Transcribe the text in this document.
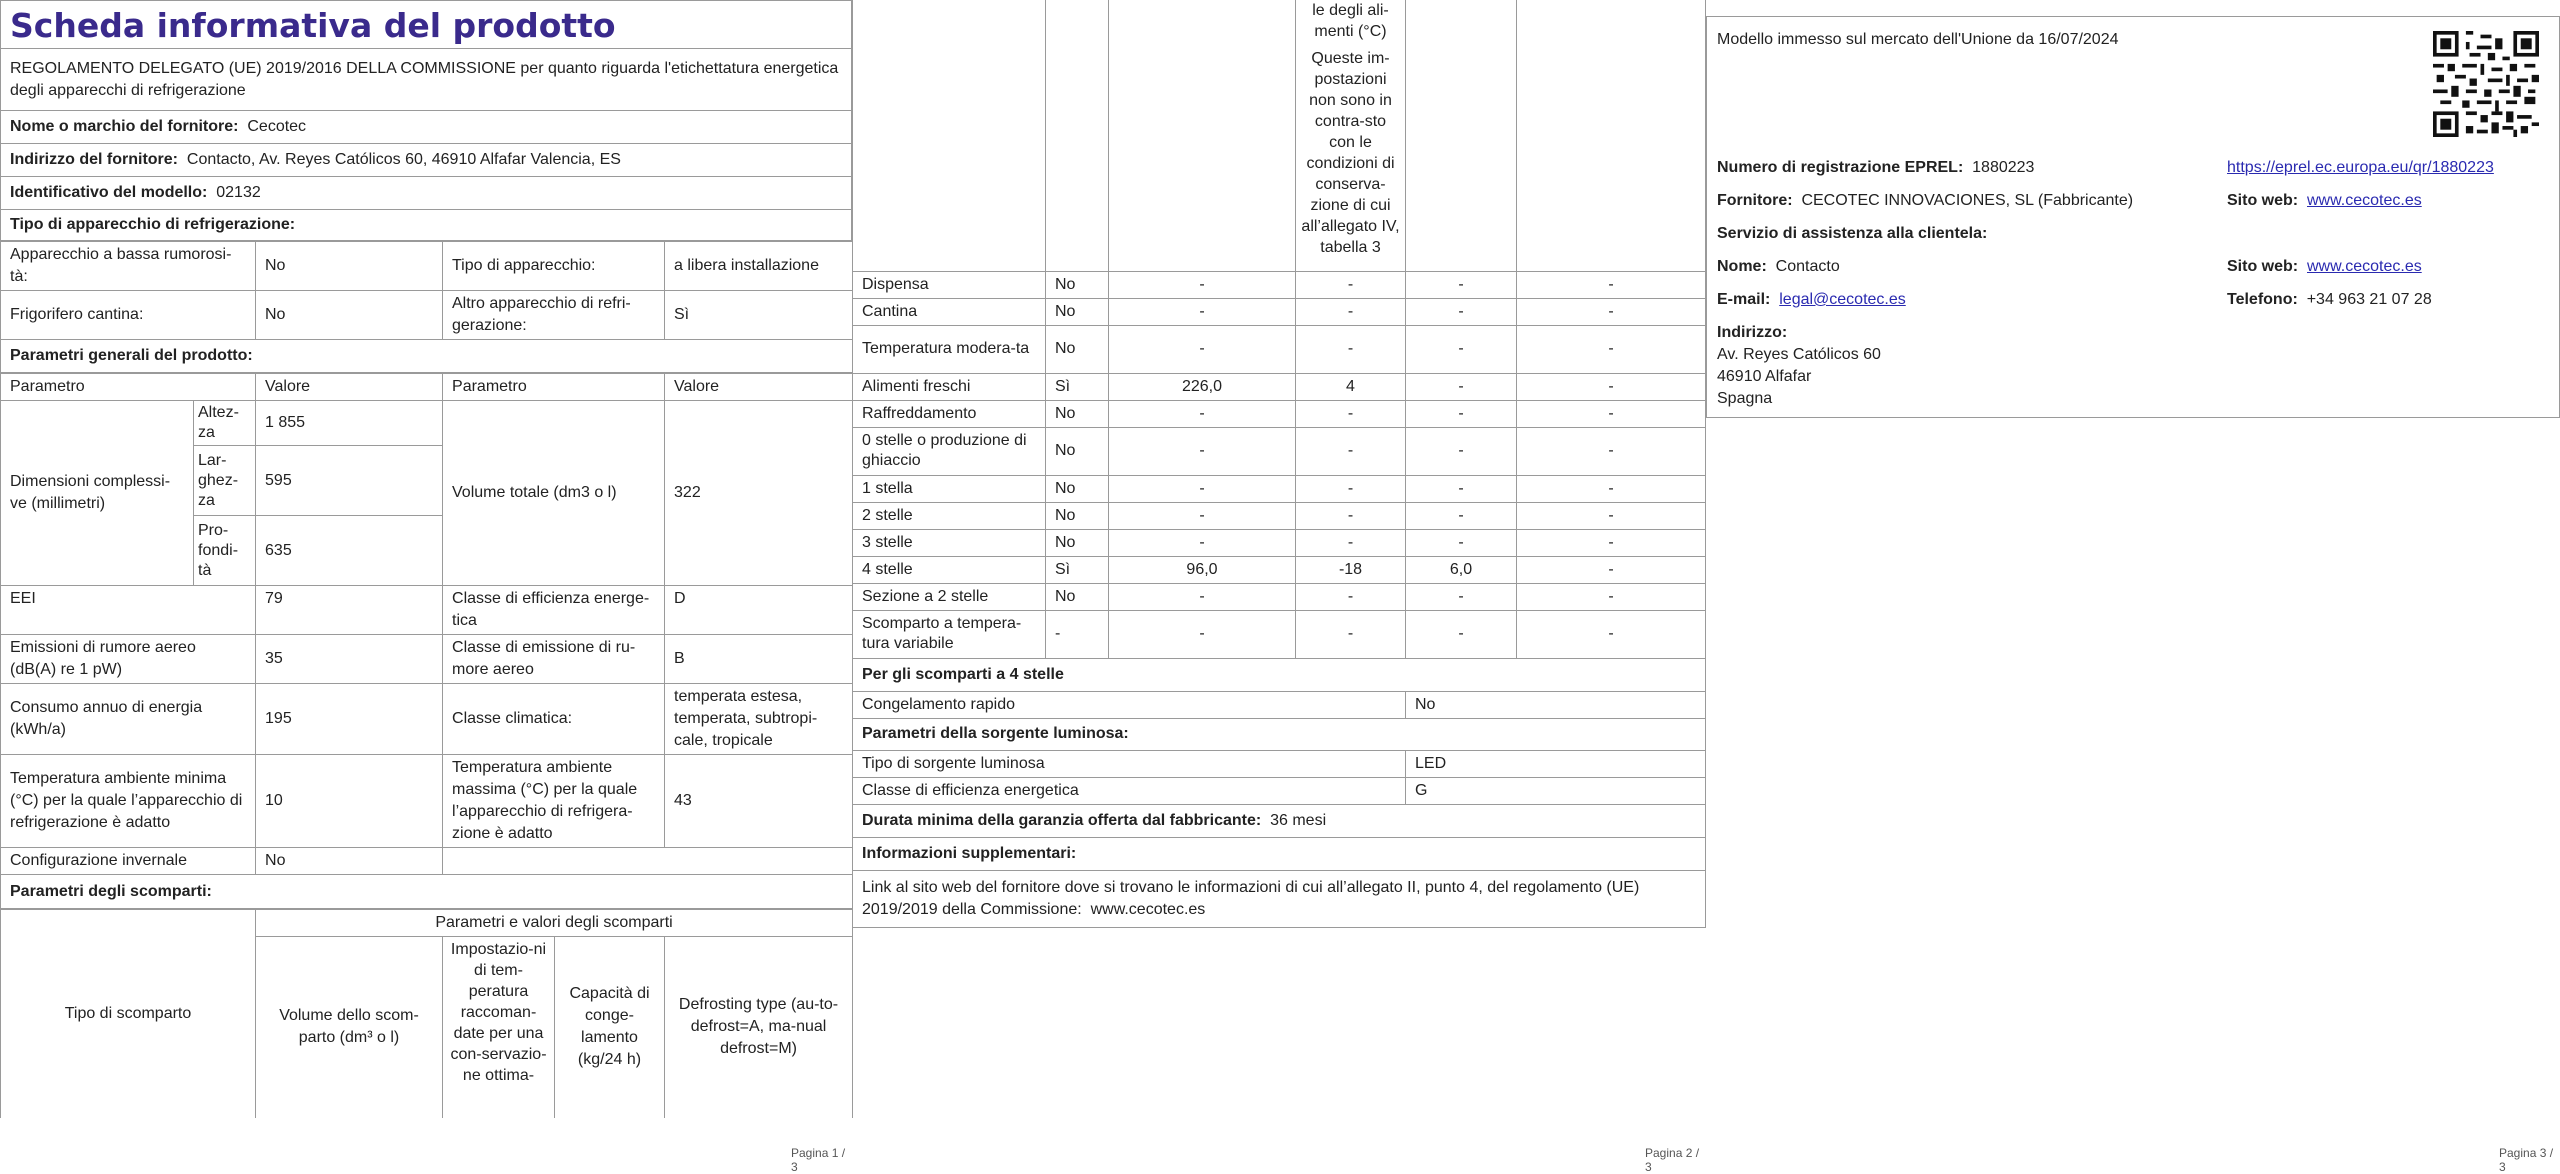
Scheda informativa del prodotto
REGOLAMENTO DELEGATO (UE) 2019/2016 DELLA COMMISSIONE per quanto riguarda l'etichettatura energetica degli apparecchi di refrigerazione
Nome o marchio del fornitore: Cecotec
Indirizzo del fornitore: Contacto, Av. Reyes Católicos 60, 46910 Alfafar Valencia, ES
Identificativo del modello: 02132
Tipo di apparecchio di refrigerazione:
Apparecchio a bassa rumorosi-tà:	No	Tipo di apparecchio:	a libera installazione
Frigorifero cantina:	No	Altro apparecchio di refri-gerazione:	Sì
Parametri generali del prodotto:			
Parametro		Valore	Parametro	Valore
Dimensioni complessi-ve (millimetri)	Altez-za	1 855	Volume totale (dm3 o l)	322
	Lar-ghez-za	595		
	Pro-fondi-tà	635		
EEI		79	Classe di efficienza energe-tica	D
Emissioni di rumore aereo (dB(A) re 1 pW)		35	Classe di emissione di ru-more aereo	B
Consumo annuo di energia (kWh/a)		195	Classe climatica:	temperata estesa, temperata, subtropi-cale, tropicale
Temperatura ambiente minima (°C) per la quale l’apparecchio di refrigerazione è adatto		10	Temperatura ambiente massima (°C) per la quale l’apparecchio di refrigera-zione è adatto	43
Configurazione invernale		No		
Parametri degli scomparti:				
Tipo di scomparto	Parametri e valori degli scomparti			
	Volume dello scom-parto (dm³ o l)	Impostazio-ni di tem-peratura raccoman-date per una con-servazio-ne ottima-	Capacità di conge-lamento (kg/24 h)	Defrosting type (au-to-defrost=A, ma-nual defrost=M)
Pagina 1 / 3

			le degli ali-menti (°C)
Queste im-postazioni non sono in contra-sto con le condizioni di conserva-zione di cui all’allegato IV, tabella 3		

Dispensa	No	-	-	-	-
Cantina	No	-	-	-	-
Temperatura modera-ta	No	-	-	-	-
Alimenti freschi	Sì	226,0	4	-	-
Raffreddamento	No	-	-	-	-
0 stelle o produzione di ghiaccio	No	-	-	-	-
1 stella	No	-	-	-	-
2 stelle	No	-	-	-	-
3 stelle	No	-	-	-	-
4 stelle	Sì	96,0	-18	6,0	-
Sezione a 2 stelle	No	-	-	-	-
Scomparto a tempera-tura variabile	-	-	-	-	-
Per gli scomparti a 4 stelle					
Congelamento rapido				No	
Parametri della sorgente luminosa:					
Tipo di sorgente luminosa				LED	
Classe di efficienza energetica				G	
Durata minima della garanzia offerta dal fabbricante: 36 mesi					
Informazioni supplementari:					
Link al sito web del fornitore dove si trovano le informazioni di cui all’allegato II, punto 4, del regolamento (UE) 2019/2019 della Commissione: www.cecotec.es					
Pagina 2 / 3
Modello immesso sul mercato dell'Unione da 16/07/2024
Numero di registrazione EPREL: 1880223	https://eprel.ec.europa.eu/qr/1880223
Fornitore: CECOTEC INNOVACIONES, SL (Fabbricante)	Sito web: www.cecotec.es
Servizio di assistenza alla clientela:
Nome: Contacto	Sito web: www.cecotec.es
E-mail: legal@cecotec.es	Telefono: +34 963 21 07 28
Indirizzo:
Av. Reyes Católicos 60
46910 Alfafar
Spagna
Pagina 3 / 3
